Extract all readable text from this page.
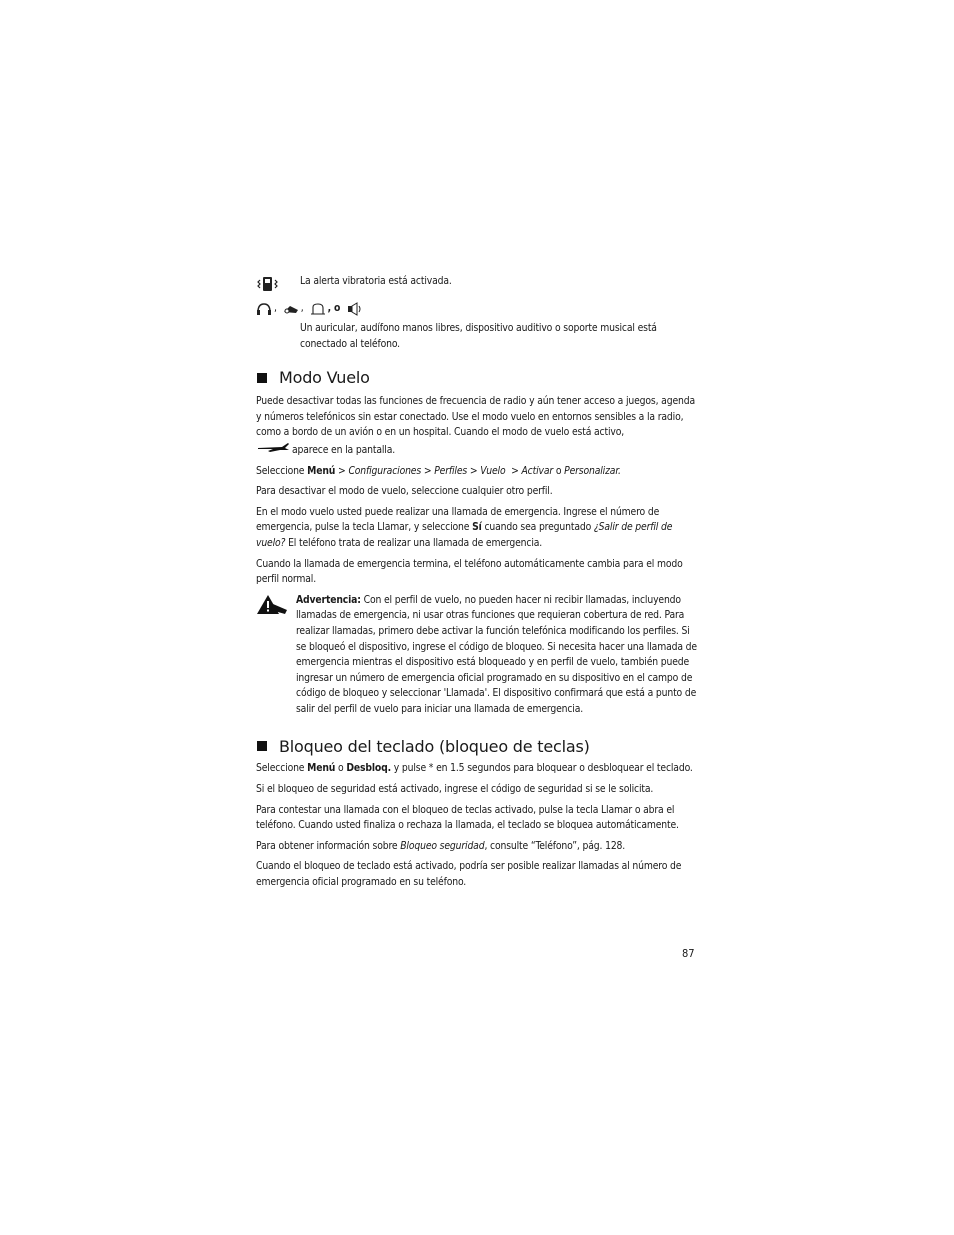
La alerta vibratoria está activada.
, , , o

Un auricular, audífono manos libres, dispositivo auditivo o soporte musical está conectado al teléfono.

Modo Vuelo

Puede desactivar todas las funciones de frecuencia de radio y aún tener acceso a juegos, agenda y números telefónicos sin estar conectado. Use el modo vuelo en entornos sensibles a la radio, como a bordo de un avión o en un hospital. Cuando el modo de vuelo está activo,
aparece en la pantalla.

Seleccione Menú > Configuraciones > Perfiles > Vuelo  > Activar o Personalizar.

Para desactivar el modo de vuelo, seleccione cualquier otro perfil.

En el modo vuelo usted puede realizar una llamada de emergencia. Ingrese el número de emergencia, pulse la tecla Llamar, y seleccione Sí cuando sea preguntado ¿Salir de perfil de vuelo? El teléfono trata de realizar una llamada de emergencia.

Cuando la llamada de emergencia termina, el teléfono automáticamente cambia para el modo perfil normal.

Advertencia: Con el perfil de vuelo, no pueden hacer ni recibir llamadas, incluyendo llamadas de emergencia, ni usar otras funciones que requieran cobertura de red. Para realizar llamadas, primero debe activar la función telefónica modificando los perfiles. Si se bloqueó el dispositivo, ingrese el código de bloqueo. Si necesita hacer una llamada de emergencia mientras el dispositivo está bloqueado y en perfil de vuelo, también puede ingresar un número de emergencia oficial programado en su dispositivo en el campo de código de bloqueo y seleccionar 'Llamada'. El dispositivo confirmará que está a punto de salir del perfil de vuelo para iniciar una llamada de emergencia.
Bloqueo del teclado (bloqueo de teclas)

Seleccione Menú o Desbloq. y pulse * en 1.5 segundos para bloquear o desbloquear el teclado.

Si el bloqueo de seguridad está activado, ingrese el código de seguridad si se le solicita.

Para contestar una llamada con el bloqueo de teclas activado, pulse la tecla Llamar o abra el teléfono. Cuando usted finaliza o rechaza la llamada, el teclado se bloquea automáticamente.

Para obtener información sobre Bloqueo seguridad, consulte “Teléfono”, pág. 128.

Cuando el bloqueo de teclado está activado, podría ser posible realizar llamadas al número de emergencia oficial programado en su teléfono.

87
